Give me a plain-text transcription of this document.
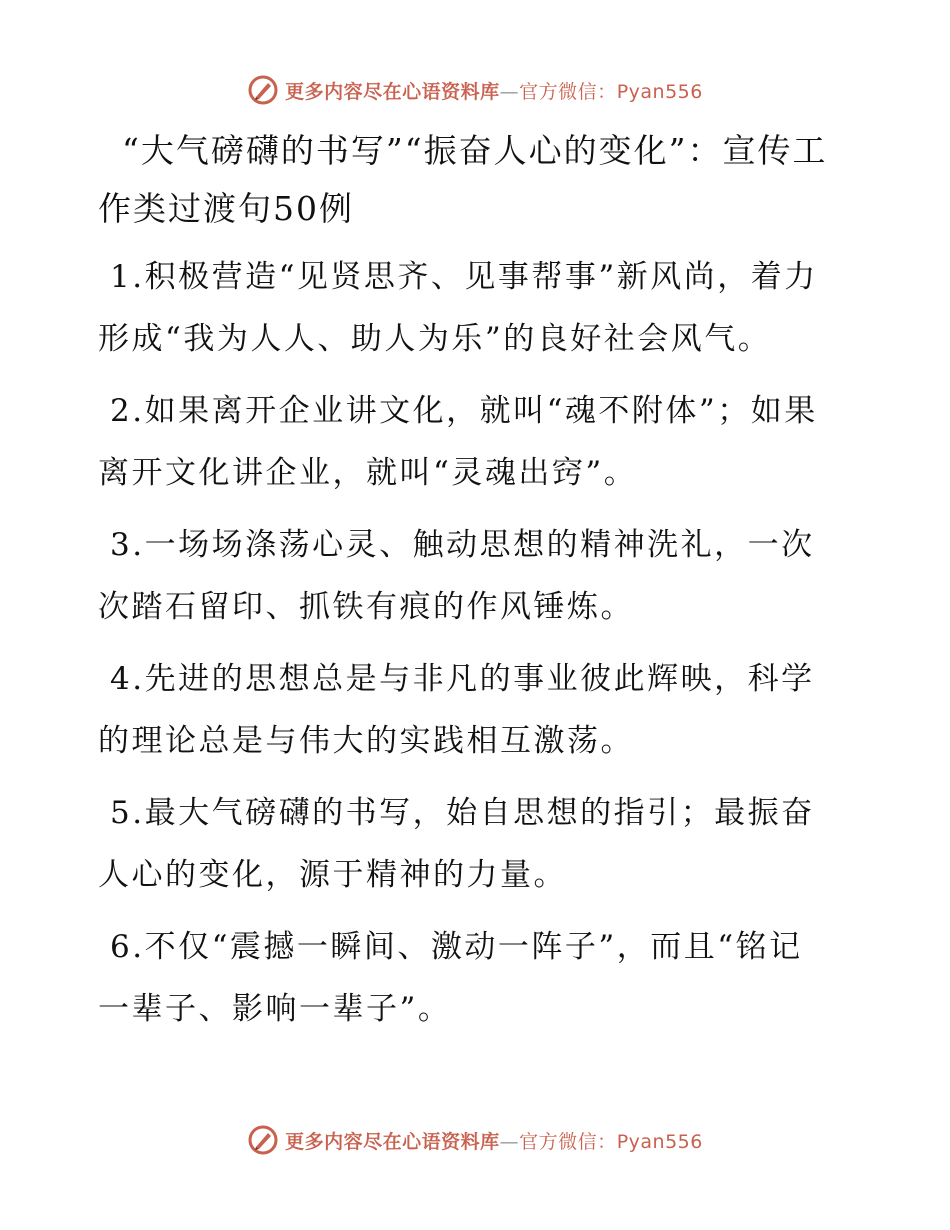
更多内容尽在心语资料库—官方微信：Pyan556

“大气磅礴的书写”“振奋人心的变化”：宣传工作类过渡句50例

1.积极营造“见贤思齐、见事帮事”新风尚，着力形成“我为人人、助人为乐”的良好社会风气。

2.如果离开企业讲文化，就叫“魂不附体”；如果离开文化讲企业，就叫“灵魂出窍”。

3.一场场涤荡心灵、触动思想的精神洗礼，一次次踏石留印、抓铁有痕的作风锤炼。

4.先进的思想总是与非凡的事业彼此辉映，科学的理论总是与伟大的实践相互激荡。

5.最大气磅礴的书写，始自思想的指引；最振奋人心的变化，源于精神的力量。

6.不仅“震撼一瞬间、激动一阵子”，而且“铭记一辈子、影响一辈子”。

更多内容尽在心语资料库—官方微信：Pyan556
